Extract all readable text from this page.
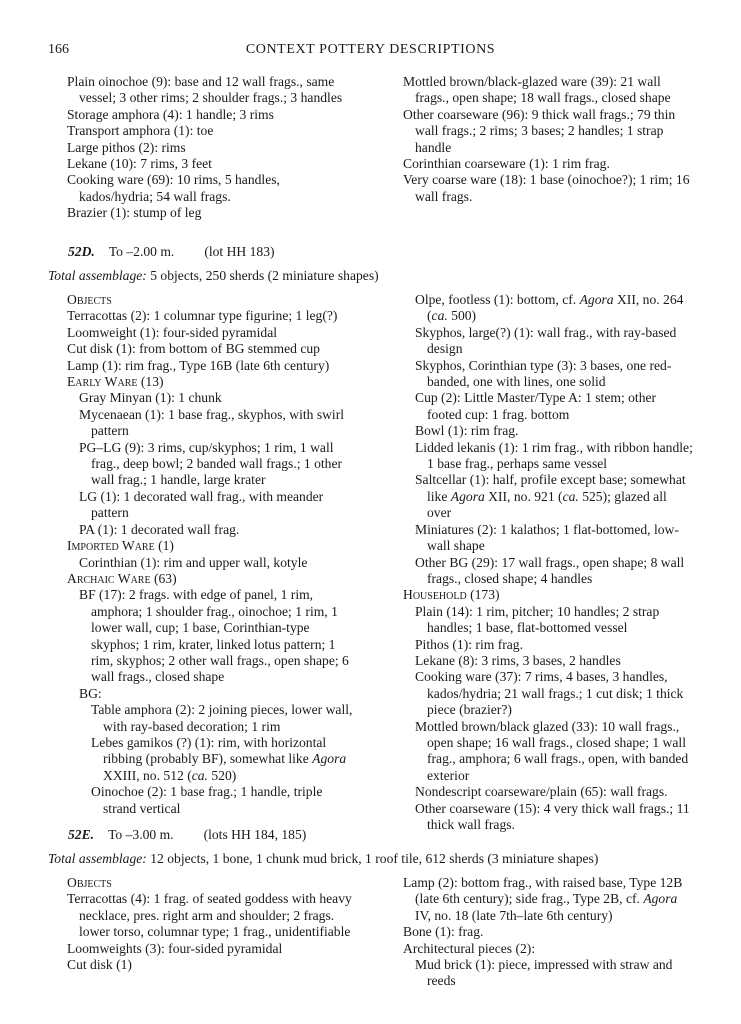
166	CONTEXT POTTERY DESCRIPTIONS
Plain oinochoe (9): base and 12 wall frags., same vessel; 3 other rims; 2 shoulder frags.; 3 handles
Storage amphora (4): 1 handle; 3 rims
Transport amphora (1): toe
Large pithos (2): rims
Lekane (10): 7 rims, 3 feet
Cooking ware (69): 10 rims, 5 handles, kados/hydria; 54 wall frags.
Brazier (1): stump of leg
Mottled brown/black-glazed ware (39): 21 wall frags., open shape; 18 wall frags., closed shape
Other coarseware (96): 9 thick wall frags.; 79 thin wall frags.; 2 rims; 3 bases; 2 handles; 1 strap handle
Corinthian coarseware (1): 1 rim frag.
Very coarse ware (18): 1 base (oinochoe?); 1 rim; 16 wall frags.
52D. To –2.00 m. (lot HH 183)
Total assemblage: 5 objects, 250 sherds (2 miniature shapes)
Objects
Terracottas (2): 1 columnar type figurine; 1 leg(?)
Loomweight (1): four-sided pyramidal
Cut disk (1): from bottom of BG stemmed cup
Lamp (1): rim frag., Type 16B (late 6th century)
Early Ware (13)
Gray Minyan (1): 1 chunk
Mycenaean (1): 1 base frag., skyphos, with swirl pattern
PG–LG (9): 3 rims, cup/skyphos; 1 rim, 1 wall frag., deep bowl; 2 banded wall frags.; 1 other wall frag.; 1 handle, large krater
LG (1): 1 decorated wall frag., with meander pattern
PA (1): 1 decorated wall frag.
Imported Ware (1)
Corinthian (1): rim and upper wall, kotyle
Archaic Ware (63)
BF (17): 2 frags. with edge of panel, 1 rim, amphora; 1 shoulder frag., oinochoe; 1 rim, 1 lower wall, cup; 1 base, Corinthian-type skyphos; 1 rim, krater, linked lotus pattern; 1 rim, skyphos; 2 other wall frags., open shape; 6 wall frags., closed shape
BG:
Table amphora (2): 2 joining pieces, lower wall, with ray-based decoration; 1 rim
Lebes gamikos (?) (1): rim, with horizontal ribbing (probably BF), somewhat like Agora XXIII, no. 512 (ca. 520)
Oinochoe (2): 1 base frag.; 1 handle, triple strand vertical
Olpe, footless (1): bottom, cf. Agora XII, no. 264 (ca. 500)
Skyphos, large(?) (1): wall frag., with ray-based design
Skyphos, Corinthian type (3): 3 bases, one red-banded, one with lines, one solid
Cup (2): Little Master/Type A: 1 stem; other footed cup: 1 frag. bottom
Bowl (1): rim frag.
Lidded lekanis (1): 1 rim frag., with ribbon handle; 1 base frag., perhaps same vessel
Saltcellar (1): half, profile except base; somewhat like Agora XII, no. 921 (ca. 525); glazed all over
Miniatures (2): 1 kalathos; 1 flat-bottomed, low-wall shape
Other BG (29): 17 wall frags., open shape; 8 wall frags., closed shape; 4 handles
Household (173)
Plain (14): 1 rim, pitcher; 10 handles; 2 strap handles; 1 base, flat-bottomed vessel
Pithos (1): rim frag.
Lekane (8): 3 rims, 3 bases, 2 handles
Cooking ware (37): 7 rims, 4 bases, 3 handles, kados/hydria; 21 wall frags.; 1 cut disk; 1 thick piece (brazier?)
Mottled brown/black glazed (33): 10 wall frags., open shape; 16 wall frags., closed shape; 1 wall frag., amphora; 6 wall frags., open, with banded exterior
Nondescript coarseware/plain (65): wall frags.
Other coarseware (15): 4 very thick wall frags.; 11 thick wall frags.
52E. To –3.00 m. (lots HH 184, 185)
Total assemblage: 12 objects, 1 bone, 1 chunk mud brick, 1 roof tile, 612 sherds (3 miniature shapes)
Objects
Terracottas (4): 1 frag. of seated goddess with heavy necklace, pres. right arm and shoulder; 2 frags. lower torso, columnar type; 1 frag., unidentifiable
Loomweights (3): four-sided pyramidal
Cut disk (1)
Lamp (2): bottom frag., with raised base, Type 12B (late 6th century); side frag., Type 2B, cf. Agora IV, no. 18 (late 7th–late 6th century)
Bone (1): frag.
Architectural pieces (2):
Mud brick (1): piece, impressed with straw and reeds
